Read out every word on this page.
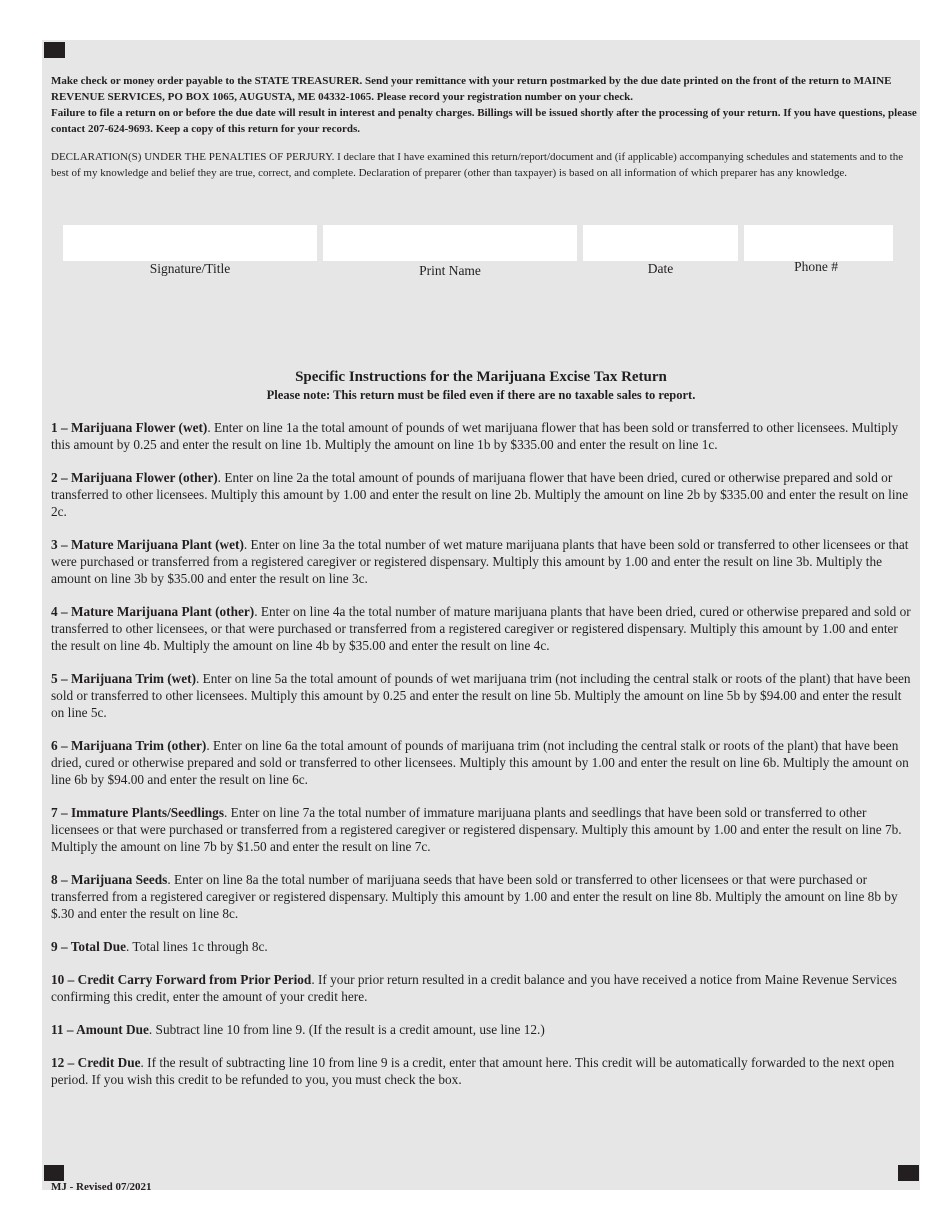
Make check or money order payable to the STATE TREASURER. Send your remittance with your return postmarked by the due date printed on the front of the return to MAINE REVENUE SERVICES, PO BOX 1065, AUGUSTA, ME 04332-1065. Please record your registration number on your check.

Failure to file a return on or before the due date will result in interest and penalty charges. Billings will be issued shortly after the processing of your return. If you have questions, please contact 207-624-9693. Keep a copy of this return for your records.

DECLARATION(S) UNDER THE PENALTIES OF PERJURY. I declare that I have examined this return/report/document and (if applicable) accompanying schedules and statements and to the best of my knowledge and belief they are true, correct, and complete. Declaration of preparer (other than taxpayer) is based on all information of which preparer has any knowledge.
Signature/Title	Print Name	Date	Phone #
Specific Instructions for the Marijuana Excise Tax Return
Please note: This return must be filed even if there are no taxable sales to report.

1 – Marijuana Flower (wet). Enter on line 1a the total amount of pounds of wet marijuana flower that has been sold or transferred to other licensees. Multiply this amount by 0.25 and enter the result on line 1b. Multiply the amount on line 1b by $335.00 and enter the result on line 1c.

2 – Marijuana Flower (other). Enter on line 2a the total amount of pounds of marijuana flower that have been dried, cured or otherwise prepared and sold or transferred to other licensees. Multiply this amount by 1.00 and enter the result on line 2b. Multiply the amount on line 2b by $335.00 and enter the result on line 2c.

3 – Mature Marijuana Plant (wet). Enter on line 3a the total number of wet mature marijuana plants that have been sold or transferred to other licensees or that were purchased or transferred from a registered caregiver or registered dispensary. Multiply this amount by 1.00 and enter the result on line 3b. Multiply the amount on line 3b by $35.00 and enter the result on line 3c.

4 – Mature Marijuana Plant (other). Enter on line 4a the total number of mature marijuana plants that have been dried, cured or otherwise prepared and sold or transferred to other licensees, or that were purchased or transferred from a registered caregiver or registered dispensary. Multiply this amount by 1.00 and enter the result on line 4b. Multiply the amount on line 4b by $35.00 and enter the result on line 4c.

5 – Marijuana Trim (wet). Enter on line 5a the total amount of pounds of wet marijuana trim (not including the central stalk or roots of the plant) that have been sold or transferred to other licensees. Multiply this amount by 0.25 and enter the result on line 5b. Multiply the amount on line 5b by $94.00 and enter the result on line 5c.

6 – Marijuana Trim (other). Enter on line 6a the total amount of pounds of marijuana trim (not including the central stalk or roots of the plant) that have been dried, cured or otherwise prepared and sold or transferred to other licensees. Multiply this amount by 1.00 and enter the result on line 6b. Multiply the amount on line 6b by $94.00 and enter the result on line 6c.

7 – Immature Plants/Seedlings. Enter on line 7a the total number of immature marijuana plants and seedlings that have been sold or transferred to other licensees or that were purchased or transferred from a registered caregiver or registered dispensary. Multiply this amount by 1.00 and enter the result on line 7b. Multiply the amount on line 7b by $1.50 and enter the result on line 7c.

8 – Marijuana Seeds. Enter on line 8a the total number of marijuana seeds that have been sold or transferred to other licensees or that were purchased or transferred from a registered caregiver or registered dispensary. Multiply this amount by 1.00 and enter the result on line 8b. Multiply the amount on line 8b by $.30 and enter the result on line 8c.

9 – Total Due. Total lines 1c through 8c.

10 – Credit Carry Forward from Prior Period. If your prior return resulted in a credit balance and you have received a notice from Maine Revenue Services confirming this credit, enter the amount of your credit here.

11 – Amount Due. Subtract line 10 from line 9. (If the result is a credit amount, use line 12.)

12 – Credit Due. If the result of subtracting line 10 from line 9 is a credit, enter that amount here. This credit will be automatically forwarded to the next open period. If you wish this credit to be refunded to you, you must check the box.

MJ - Revised 07/2021
